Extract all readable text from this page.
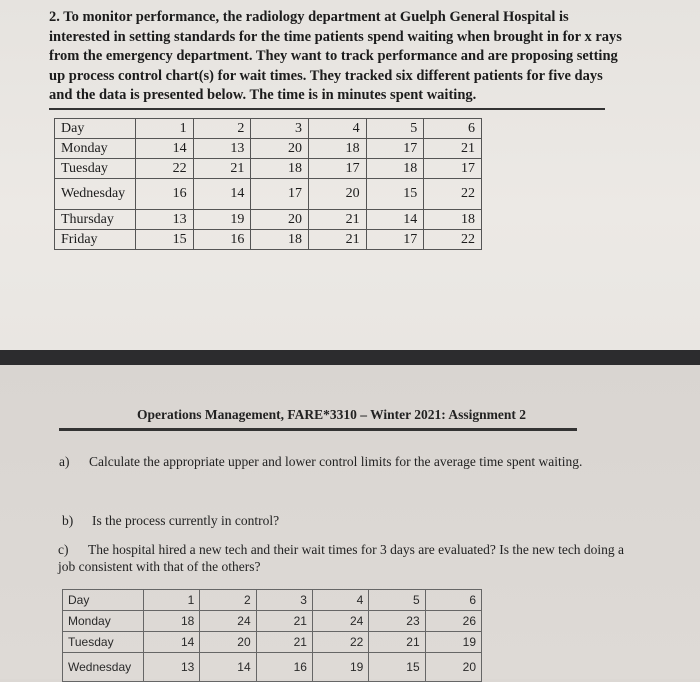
2. To monitor performance, the radiology department at Guelph General Hospital is interested in setting standards for the time patients spend waiting when brought in for x rays from the emergency department. They want to track performance and are proposing setting up process control chart(s) for wait times. They tracked six different patients for five days and the data is presented below. The time is in minutes spent waiting.
Day	1	2	3	4	5	6
Monday	14	13	20	18	17	21
Tuesday	22	21	18	17	18	17
Wednesday	16	14	17	20	15	22
Thursday	13	19	20	21	14	18
Friday	15	16	18	21	17	22
Operations Management, FARE*3310 – Winter 2021: Assignment 2
a) Calculate the appropriate upper and lower control limits for the average time spent waiting.
b) Is the process currently in control?
c) The hospital hired a new tech and their wait times for 3 days are evaluated? Is the new tech doing a job consistent with that of the others?
Day	1	2	3	4	5	6
Monday	18	24	21	24	23	26
Tuesday	14	20	21	22	21	19
Wednesday	13	14	16	19	15	20
